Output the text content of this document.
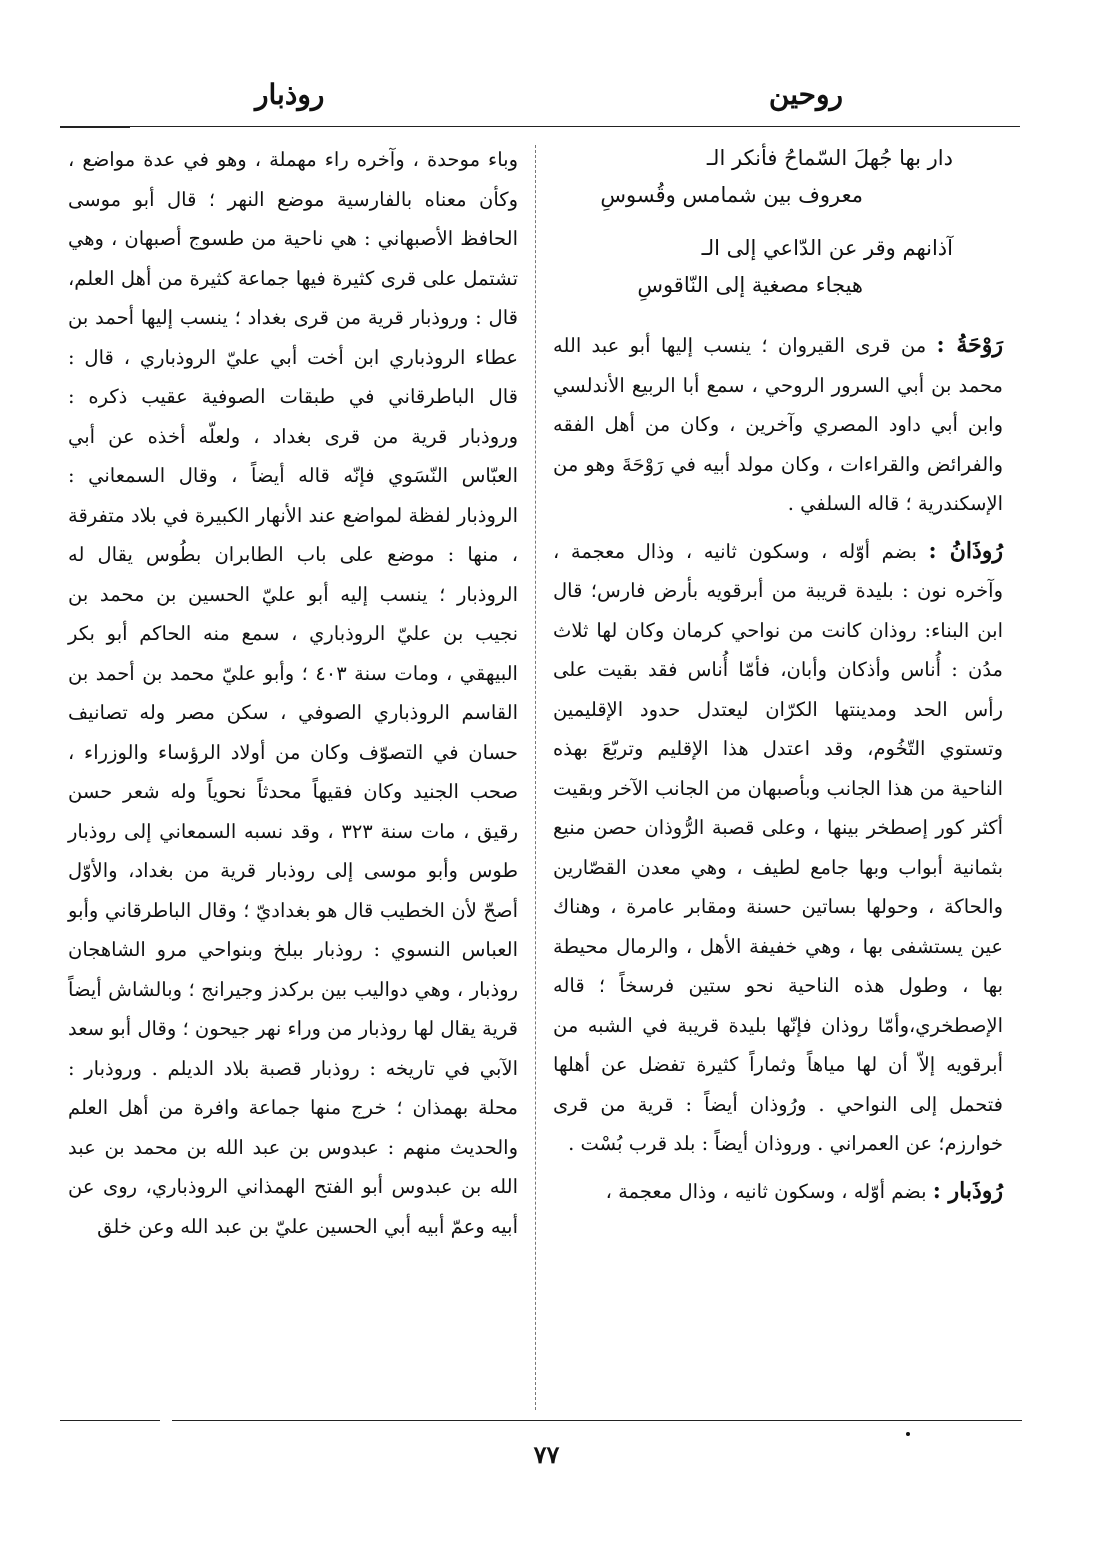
روحين
روذبار
دار بها جُهلَ السّماحُ فأنكر الـ
معروف بين شمامس وقُسوسِ
آذانهم وقر عن الدّاعي إلى الـ
هيجاء مصغية إلى النّاقوسِ
رَوْحَةُ : من قرى القيروان ؛ ينسب إليها أبو عبد الله محمد بن أبي السرور الروحي ، سمع أبا الربيع الأندلسي وابن أبي داود المصري وآخرين ، وكان من أهل الفقه والفرائض والقراءات ، وكان مولد أبيه في رَوْحَةَ وهو من الإسكندرية ؛ قاله السلفي .
رُوذَانُ : بضم أوّله ، وسكون ثانيه ، وذال معجمة ، وآخره نون : بليدة قريبة من أبرقويه بأرض فارس؛ قال ابن البناء: روذان كانت من نواحي كرمان وكان لها ثلاث مدُن : أُناس وأذكان وأبان، فأمّا أُناس فقد بقيت على رأس الحد ومدينتها الكرّان ليعتدل حدود الإقليمين وتستوي التّخُوم، وقد اعتدل هذا الإقليم وتربّعَ بهذه الناحية من هذا الجانب وبأصبهان من الجانب الآخر وبقيت أكثر كور إصطخر بينها ، وعلى قصبة الرُّوذان حصن منيع بثمانية أبواب وبها جامع لطيف ، وهي معدن القصّارين والحاكة ، وحولها بساتين حسنة ومقابر عامرة ، وهناك عين يستشفى بها ، وهي خفيفة الأهل ، والرمال محيطة بها ، وطول هذه الناحية نحو ستين فرسخاً ؛ قاله الإصطخري،وأمّا روذان فإنّها بليدة قريبة في الشبه من أبرقويه إلاّ أن لها مياهاً وثماراً كثيرة تفضل عن أهلها فتحمل إلى النواحي . ورُوذان أيضاً : قرية من قرى خوارزم؛ عن العمراني . وروذان أيضاً : بلد قرب بُسْت .
رُوذَبار : بضم أوّله ، وسكون ثانيه ، وذال معجمة ،
وباء موحدة ، وآخره راء مهملة ، وهو في عدة مواضع ، وكأن معناه بالفارسية موضع النهر ؛ قال أبو موسى الحافظ الأصبهاني : هي ناحية من طسوج أصبهان ، وهي تشتمل على قرى كثيرة فيها جماعة كثيرة من أهل العلم، قال : وروذبار قرية من قرى بغداد ؛ ينسب إليها أحمد بن عطاء الروذباري ابن أخت أبي عليّ الروذباري ، قال : قال الباطرقاني في طبقات الصوفية عقيب ذكره : وروذبار قرية من قرى بغداد ، ولعلّه أخذه عن أبي العبّاس النّسَوي فإنّه قاله أيضاً ، وقال السمعاني : الروذبار لفظة لمواضع عند الأنهار الكبيرة في بلاد متفرقة ، منها : موضع على باب الطابران بطُوس يقال له الروذبار ؛ ينسب إليه أبو عليّ الحسين بن محمد بن نجيب بن عليّ الروذباري ، سمع منه الحاكم أبو بكر البيهقي ، ومات سنة ٤٠٣ ؛ وأبو عليّ محمد بن أحمد بن القاسم الروذباري الصوفي ، سكن مصر وله تصانيف حسان في التصوّف وكان من أولاد الرؤساء والوزراء ، صحب الجنيد وكان فقيهاً محدثاً نحوياً وله شعر حسن رقيق ، مات سنة ٣٢٣ ، وقد نسبه السمعاني إلى روذبار طوس وأبو موسى إلى روذبار قرية من بغداد، والأوّل أصحّ لأن الخطيب قال هو بغداديّ ؛ وقال الباطرقاني وأبو العباس النسوي : روذبار ببلخ وبنواحي مرو الشاهجان روذبار ، وهي دواليب بين بركدز وجيرانج ؛ وبالشاش أيضاً قرية يقال لها روذبار من وراء نهر جيحون ؛ وقال أبو سعد الآبي في تاريخه : روذبار قصبة بلاد الديلم . وروذبار : محلة بهمذان ؛ خرج منها جماعة وافرة من أهل العلم والحديث منهم : عبدوس بن عبد الله بن محمد بن عبد الله بن عبدوس أبو الفتح الهمذاني الروذباري، روى عن أبيه وعمّ أبيه أبي الحسين عليّ بن عبد الله وعن خلق
٧٧
